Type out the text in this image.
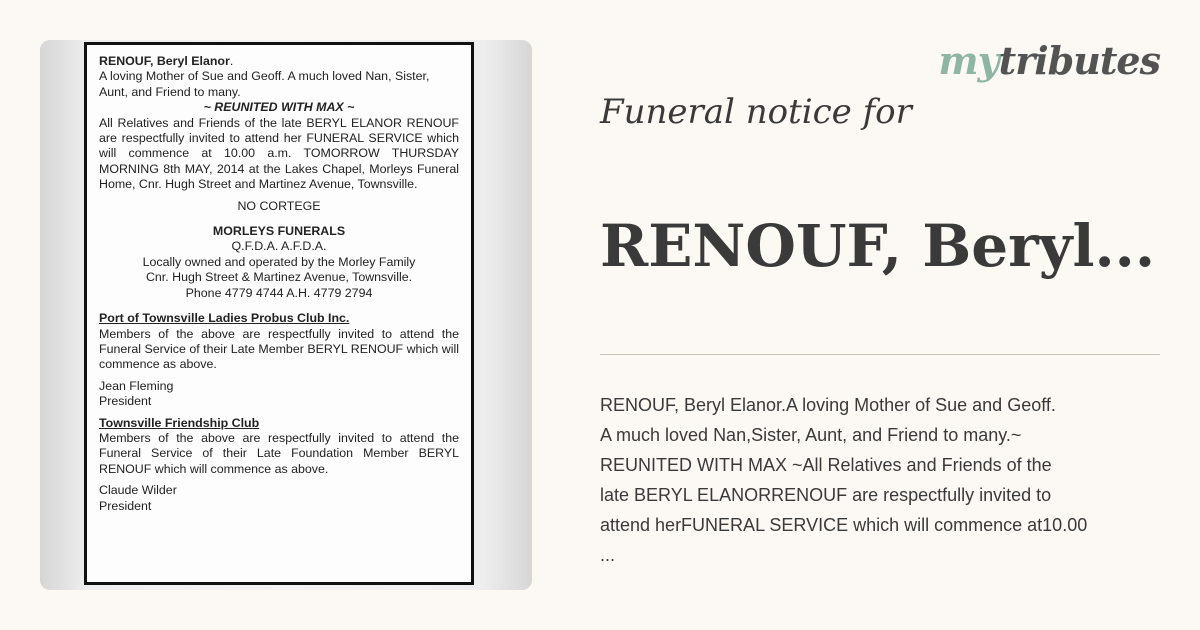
RENOUF, Beryl Elanor.

A loving Mother of Sue and Geoff. A much loved Nan, Sister, Aunt, and Friend to many.

~ REUNITED WITH MAX ~

All Relatives and Friends of the late BERYL ELANOR RENOUF are respectfully invited to attend her FUNERAL SERVICE which will commence at 10.00 a.m. TOMORROW THURSDAY MORNING 8th MAY, 2014 at the Lakes Chapel, Morleys Funeral Home, Cnr. Hugh Street and Martinez Avenue, Townsville.

NO CORTEGE

MORLEYS FUNERALS

Q.F.D.A. A.F.D.A.

Locally owned and operated by the Morley Family

Cnr. Hugh Street & Martinez Avenue, Townsville.

Phone 4779 4744 A.H. 4779 2794

Port of Townsville Ladies Probus Club Inc.

Members of the above are respectfully invited to attend the Funeral Service of their Late Member BERYL RENOUF which will commence as above.

Jean Fleming

President

Townsville Friendship Club

Members of the above are respectfully invited to attend the Funeral Service of their Late Foundation Member BERYL RENOUF which will commence as above.

Claude Wilder

President

mytributes
Funeral notice for
RENOUF, Beryl...
RENOUF, Beryl Elanor.A loving Mother of Sue and Geoff.
A much loved Nan,Sister, Aunt, and Friend to many.~
REUNITED WITH MAX ~All Relatives and Friends of the
late BERYL ELANORRENOUF are respectfully invited to
attend herFUNERAL SERVICE which will commence at10.00
...
